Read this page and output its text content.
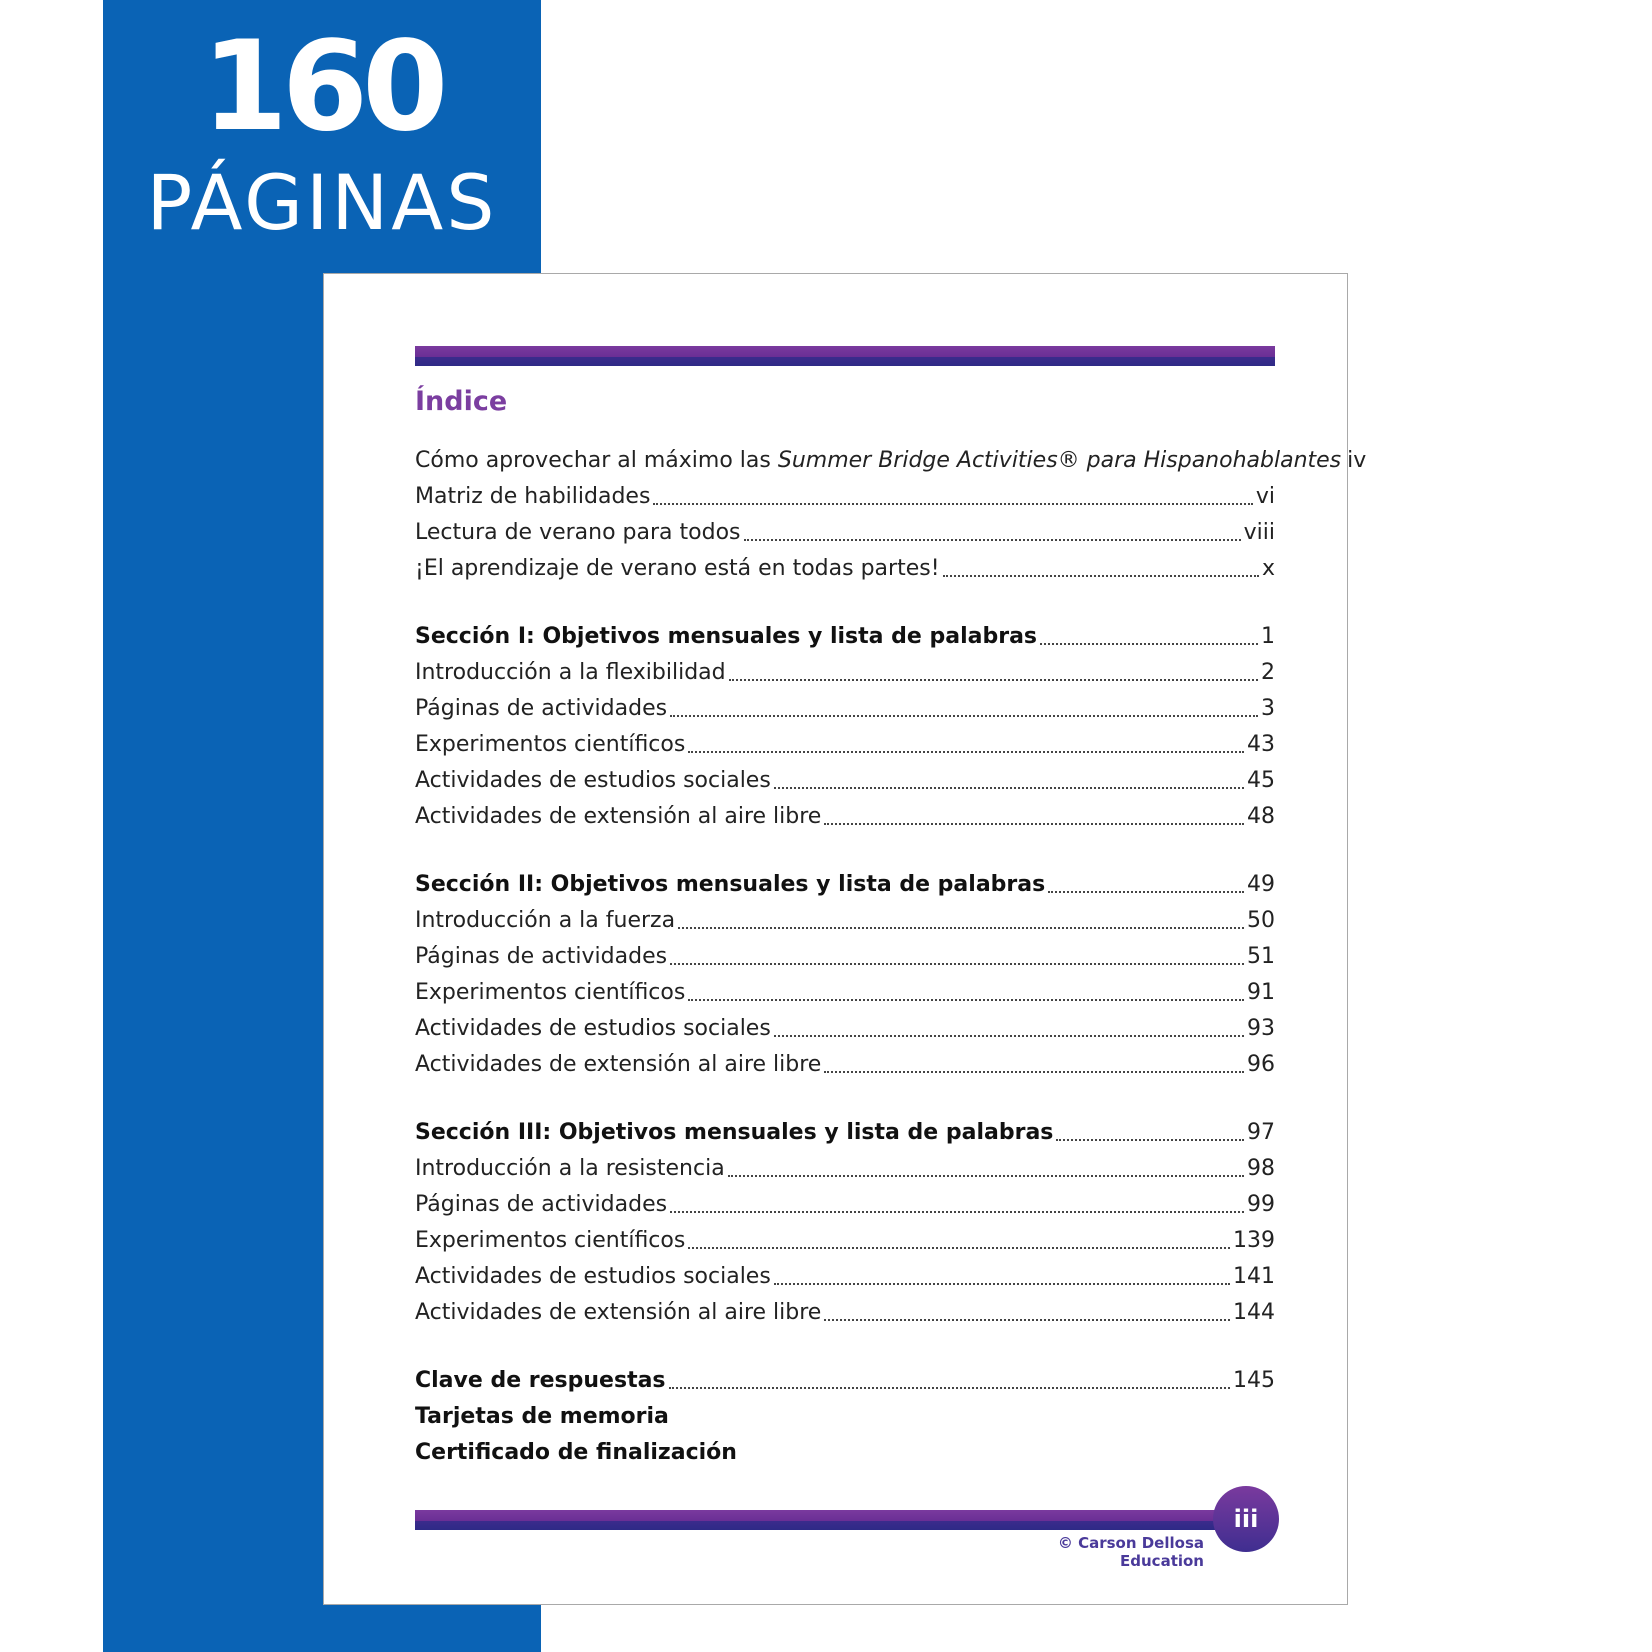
160
PÁGINAS
Índice
Cómo aprovechar al máximo las Summer Bridge Activities® para Hispanohablantes iv
Matriz de habilidades	vi
Lectura de verano para todos	viii
¡El aprendizaje de verano está en todas partes!	x
Sección I: Objetivos mensuales y lista de palabras	1
Introducción a la flexibilidad	2
Páginas de actividades	3
Experimentos científicos	43
Actividades de estudios sociales	45
Actividades de extensión al aire libre	48
Sección II: Objetivos mensuales y lista de palabras	49
Introducción a la fuerza	50
Páginas de actividades	51
Experimentos científicos	91
Actividades de estudios sociales	93
Actividades de extensión al aire libre	96
Sección III: Objetivos mensuales y lista de palabras	97
Introducción a la resistencia	98
Páginas de actividades	99
Experimentos científicos	139
Actividades de estudios sociales	141
Actividades de extensión al aire libre	144
Clave de respuestas	145
Tarjetas de memoria
Certificado de finalización
iii
© Carson Dellosa Education
